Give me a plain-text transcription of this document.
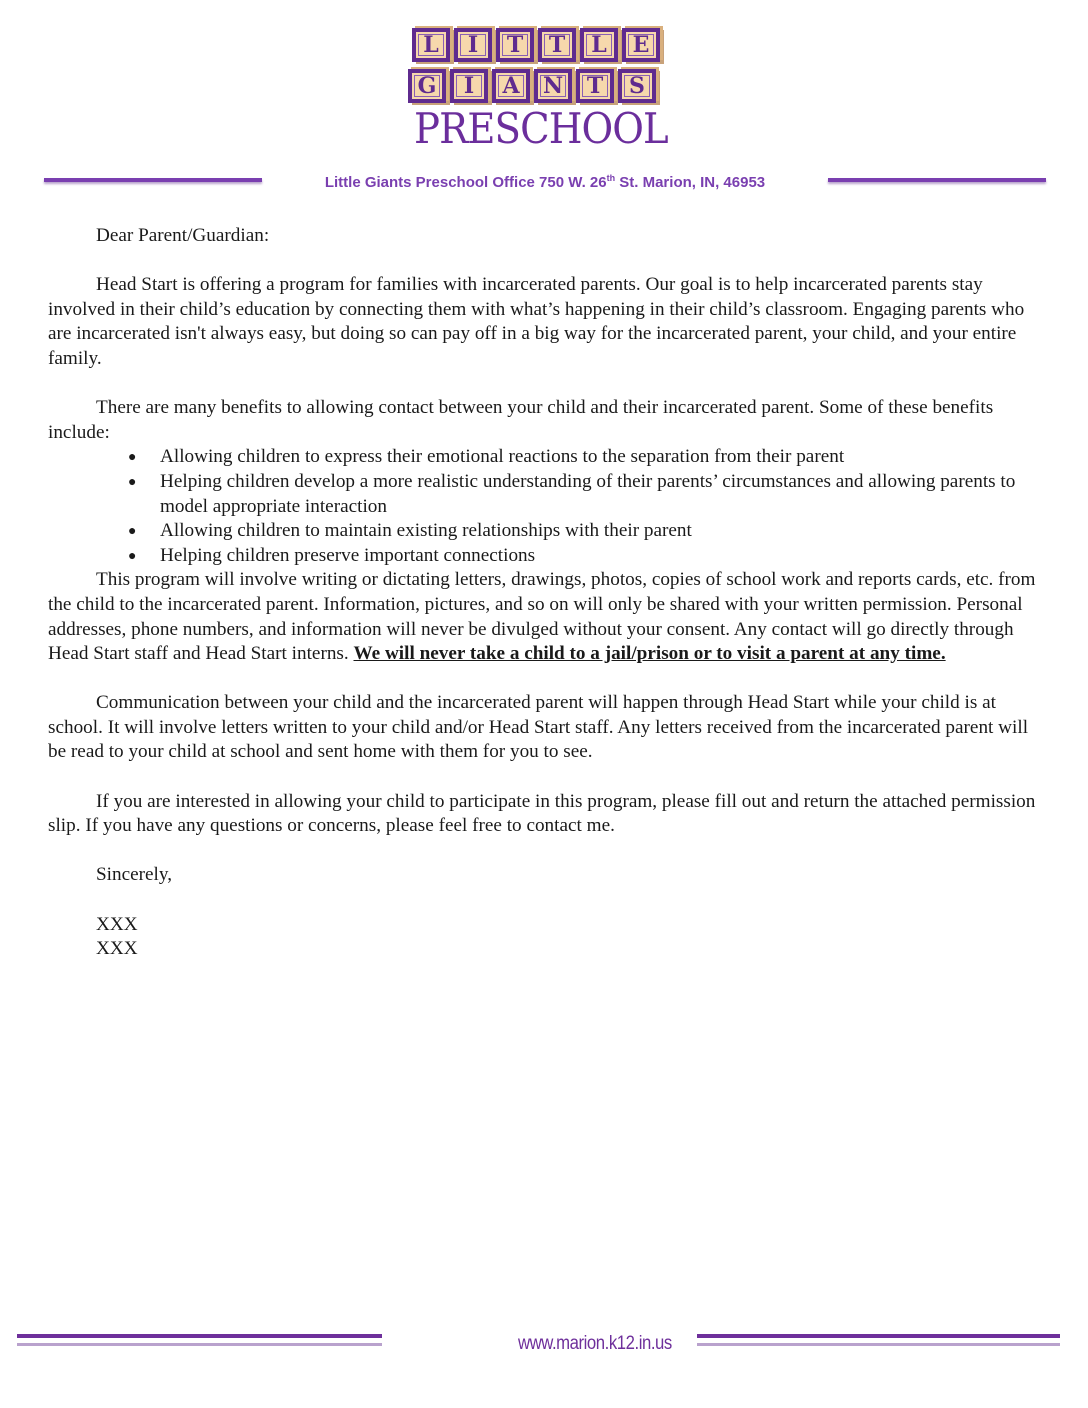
L	I	T	T	L	E
G	I	A	N	T	S
PRESCHOOL
Little Giants Preschool Office 750 W. 26th St. Marion, IN, 46953

Dear Parent/Guardian:

Head Start is offering a program for families with incarcerated parents. Our goal is to help incarcerated parents stay involved in their child’s education by connecting them with what’s happening in their child’s classroom. Engaging parents who are incarcerated isn't always easy, but doing so can pay off in a big way for the incarcerated parent, your child, and your entire family.

There are many benefits to allowing contact between your child and their incarcerated parent. Some of these benefits include:

● Allowing children to express their emotional reactions to the separation from their parent
● Helping children develop a more realistic understanding of their parents’ circumstances and allowing parents to model appropriate interaction
● Allowing children to maintain existing relationships with their parent
● Helping children preserve important connections

This program will involve writing or dictating letters, drawings, photos, copies of school work and reports cards, etc. from the child to the incarcerated parent. Information, pictures, and so on will only be shared with your written permission. Personal addresses, phone numbers, and information will never be divulged without your consent. Any contact will go directly through Head Start staff and Head Start interns. We will never take a child to a jail/prison or to visit a parent at any time.

Communication between your child and the incarcerated parent will happen through Head Start while your child is at school. It will involve letters written to your child and/or Head Start staff. Any letters received from the incarcerated parent will be read to your child at school and sent home with them for you to see.

If you are interested in allowing your child to participate in this program, please fill out and return the attached permission slip. If you have any questions or concerns, please feel free to contact me.

Sincerely,

XXX
XXX

www.marion.k12.in.us
